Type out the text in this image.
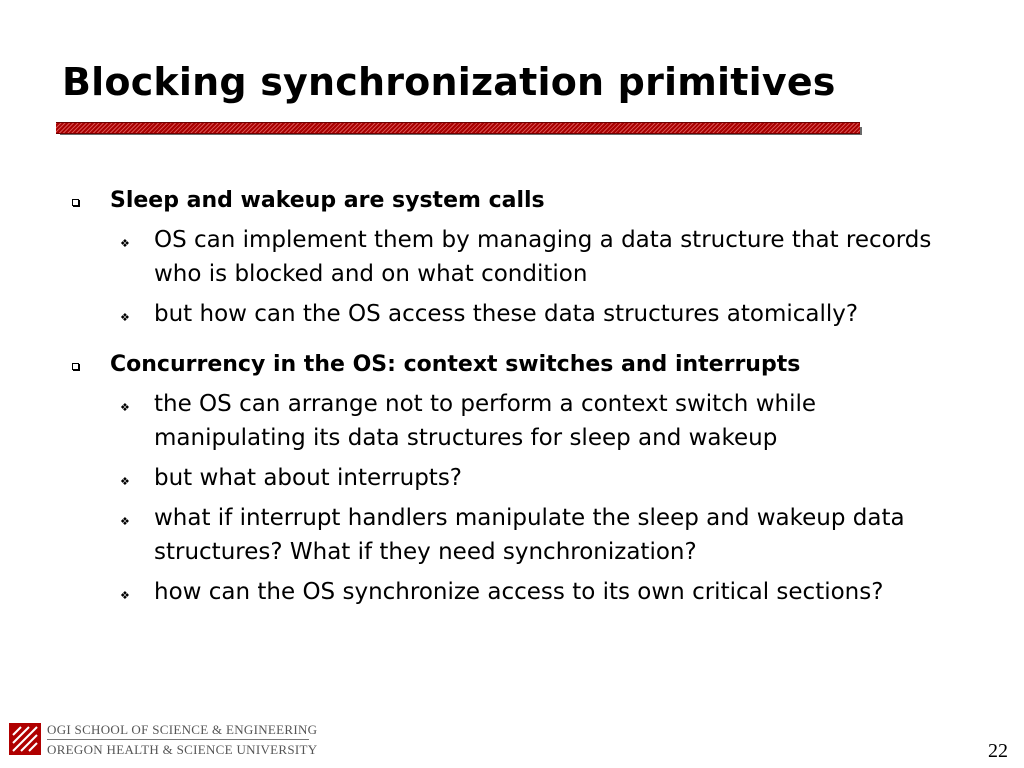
Blocking synchronization primitives
Sleep and wakeup are system calls
❖ OS can implement them by managing a data structure that records who is blocked and on what condition
❖ but how can the OS access these data structures atomically?
Concurrency in the OS: context switches and interrupts
❖ the OS can arrange not to perform a context switch while manipulating its data structures for sleep and wakeup
❖ but what about interrupts?
❖ what if interrupt handlers manipulate the sleep and wakeup data structures? What if they need synchronization?
❖ how can the OS synchronize access to its own critical sections?
OGI SCHOOL OF SCIENCE & ENGINEERING
OREGON HEALTH & SCIENCE UNIVERSITY	22
